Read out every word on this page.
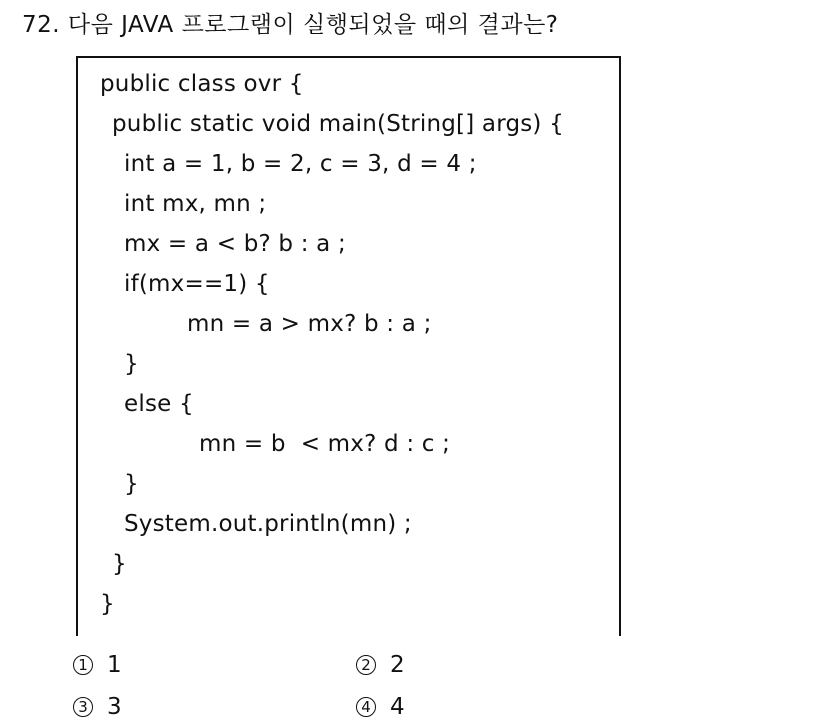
72. 다음 JAVA 프로그램이 실행되었을 때의 결과는?
public class ovr {
public static void main(String[] args) {
int a = 1, b = 2, c = 3, d = 4 ;
int mx, mn ;
mx = a < b? b : a ;
if(mx==1) {
mn = a > mx? b : a ;
}
else {
mn = b  < mx? d : c ;
}
System.out.println(mn) ;
}
}
1 1	2 2
3 3	4 4
